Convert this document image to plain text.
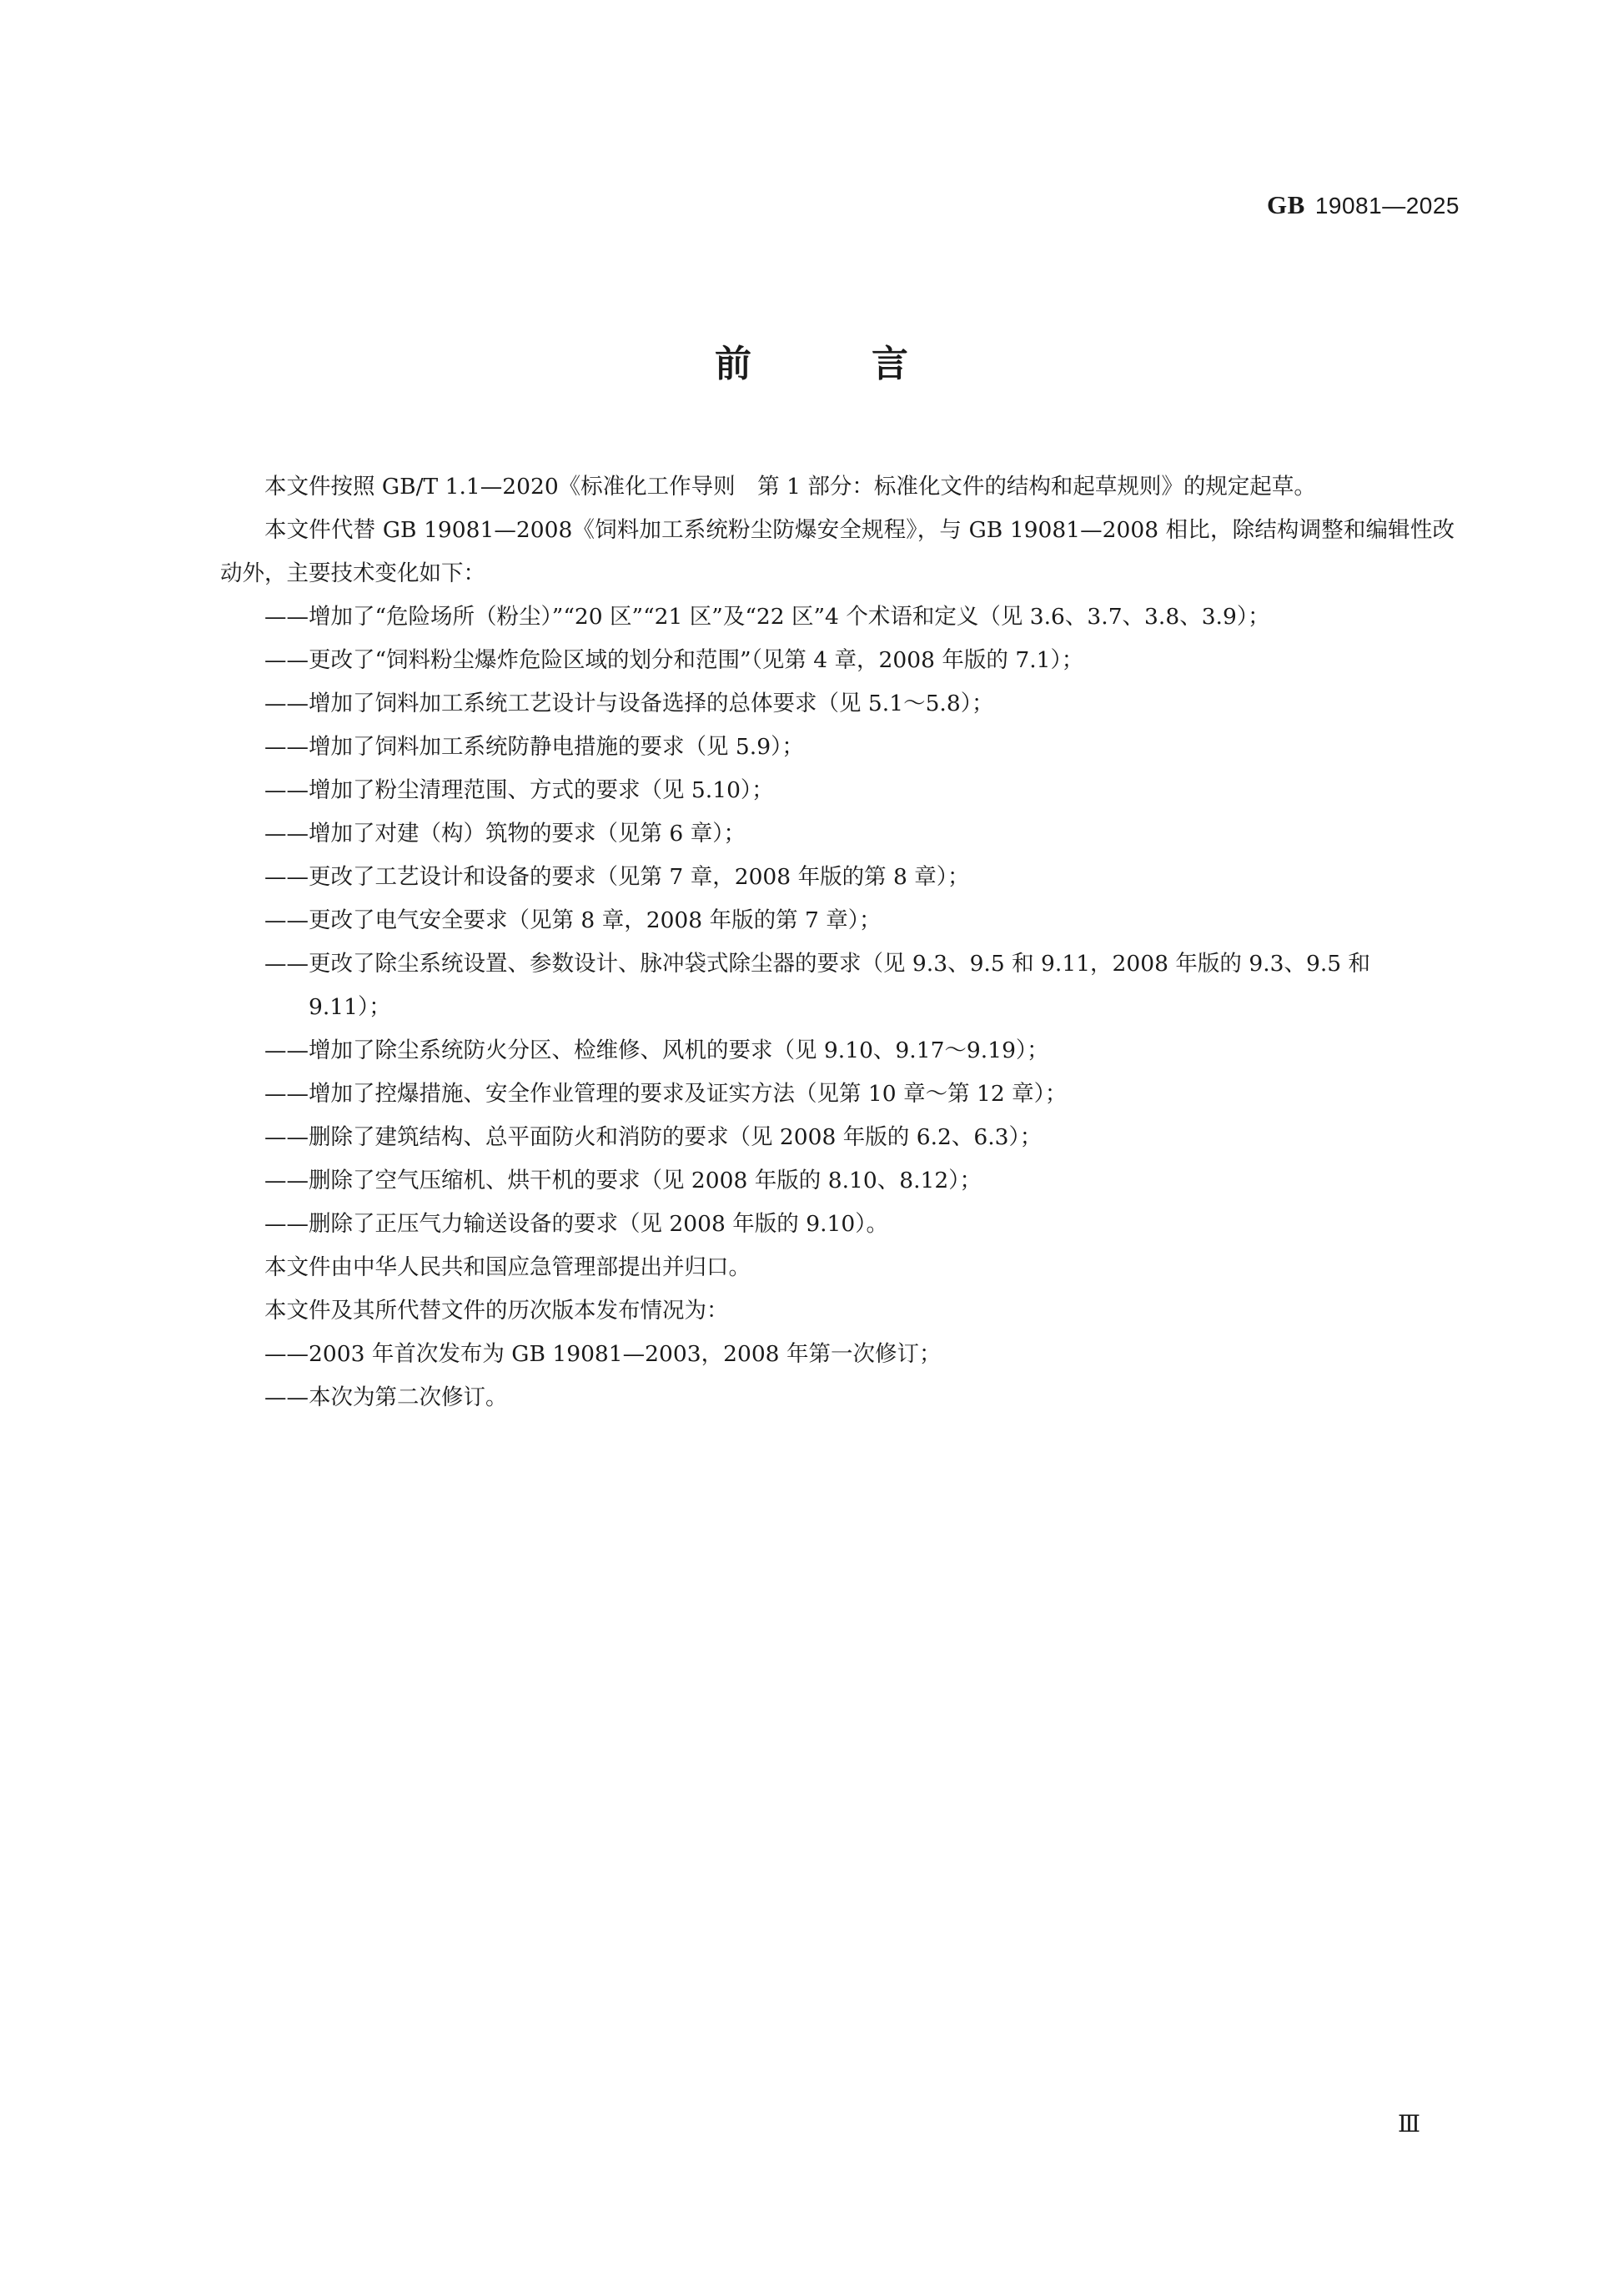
GB 19081—2025
前	言

本文件按照 GB/T 1.1—2020《标准化工作导则　第 1 部分：标准化文件的结构和起草规则》的规定起草。

本文件代替 GB 19081—2008《饲料加工系统粉尘防爆安全规程》，与 GB 19081—2008 相比，除结构调整和编辑性改动外，主要技术变化如下：

——增加了“危险场所（粉尘）”“20 区”“21 区”及“22 区”4 个术语和定义（见 3.6、3.7、3.8、3.9）；

——更改了“饲料粉尘爆炸危险区域的划分和范围”（见第 4 章，2008 年版的 7.1）；

——增加了饲料加工系统工艺设计与设备选择的总体要求（见 5.1～5.8）；

——增加了饲料加工系统防静电措施的要求（见 5.9）；

——增加了粉尘清理范围、方式的要求（见 5.10）；

——增加了对建（构）筑物的要求（见第 6 章）；

——更改了工艺设计和设备的要求（见第 7 章，2008 年版的第 8 章）；

——更改了电气安全要求（见第 8 章，2008 年版的第 7 章）；

——更改了除尘系统设置、参数设计、脉冲袋式除尘器的要求（见 9.3、9.5 和 9.11，2008 年版的 9.3、9.5 和 9.11）；

——增加了除尘系统防火分区、检维修、风机的要求（见 9.10、9.17～9.19）；

——增加了控爆措施、安全作业管理的要求及证实方法（见第 10 章～第 12 章）；

——删除了建筑结构、总平面防火和消防的要求（见 2008 年版的 6.2、6.3）；

——删除了空气压缩机、烘干机的要求（见 2008 年版的 8.10、8.12）；

——删除了正压气力输送设备的要求（见 2008 年版的 9.10）。

本文件由中华人民共和国应急管理部提出并归口。

本文件及其所代替文件的历次版本发布情况为：

——2003 年首次发布为 GB 19081—2003，2008 年第一次修订；

——本次为第二次修订。

Ⅲ
